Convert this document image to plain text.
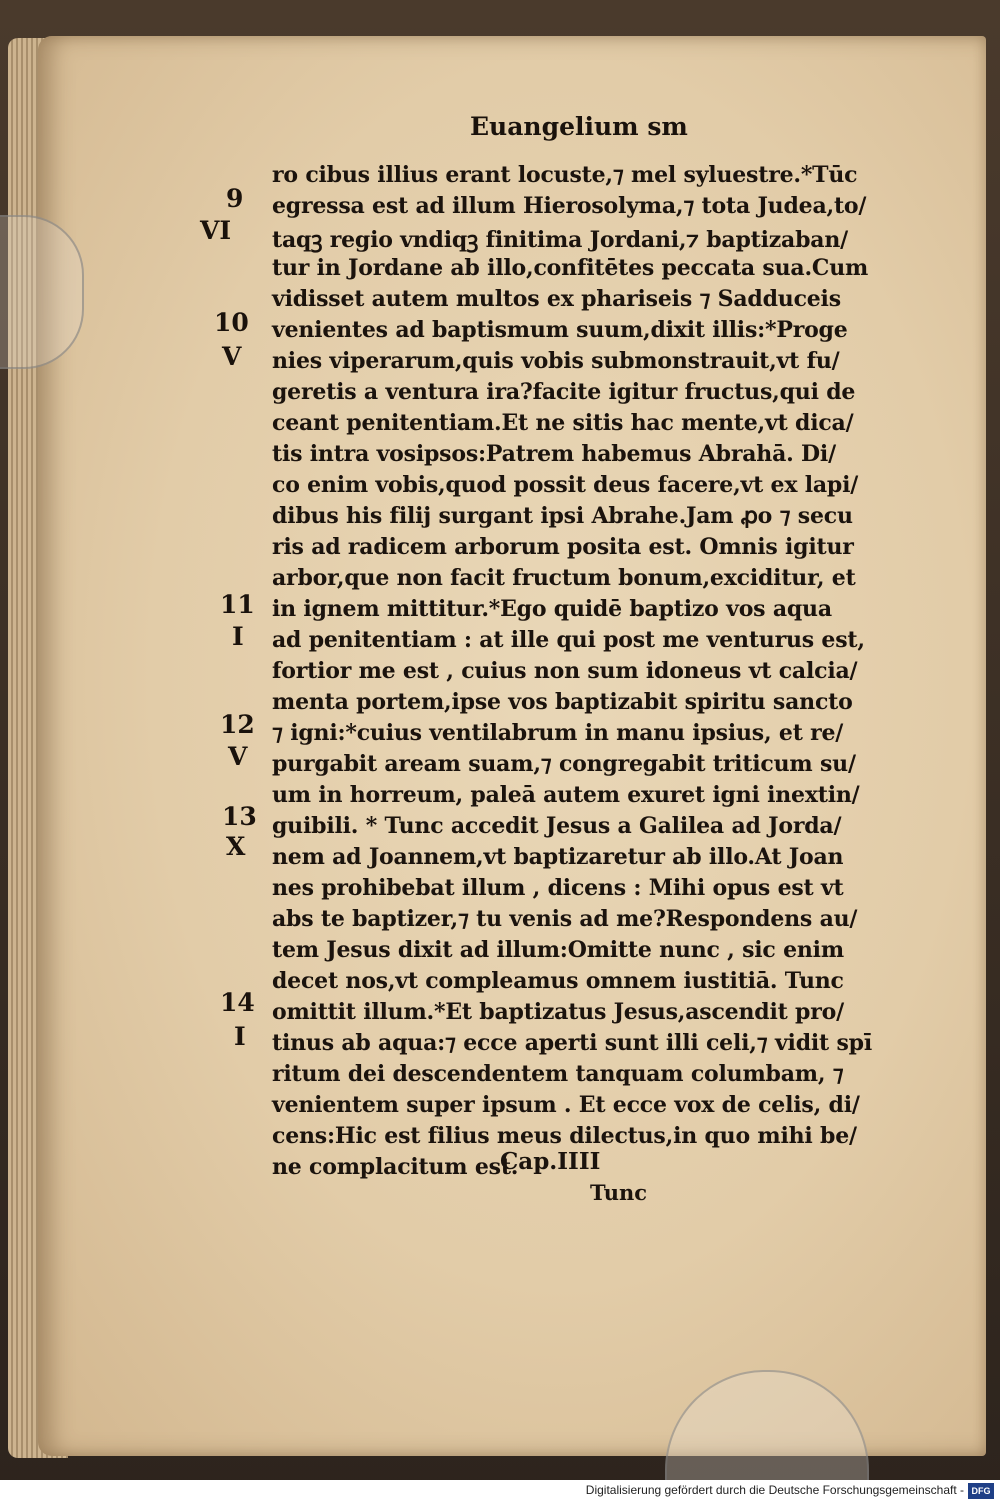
Euangelium sm
9
VI
10
V
11
I
12
V
13
X
14
I
ro cibus illius erant locuste,⁊ mel syluestre.*Tūc
egressa est ad illum Hierosolyma,⁊ tota Judea,to/
taqꝫ regio vndiqꝫ finitima Jordani,⁊ baptizaban/
tur in Jordane ab illo,confitētes peccata sua.Cum
vidisset autem multos ex phariseis ⁊ Sadduceis
venientes ad baptismum suum,dixit illis:*Proge
nies viperarum,quis vobis submonstrauit,vt fu/
geretis a ventura ira?facite igitur fructus,qui de
ceant penitentiam.Et ne sitis hac mente,vt dica/
tis intra vosipsos:Patrem habemus Abrahā. Di/
co enim vobis,quod possit deus facere,vt ex lapi/
dibus his filij surgant ipsi Abrahe.Jam ꝓo ⁊ secu
ris ad radicem arborum posita est. Omnis igitur
arbor,que non facit fructum bonum,exciditur, et
in ignem mittitur.*Ego quidē baptizo vos aqua
ad penitentiam : at ille qui post me venturus est,
fortior me est , cuius non sum idoneus vt calcia/
menta portem,ipse vos baptizabit spiritu sancto
⁊ igni:*cuius ventilabrum in manu ipsius, et re/
purgabit aream suam,⁊ congregabit triticum su/
um in horreum, paleā autem exuret igni inextin/
guibili. * Tunc accedit Jesus a Galilea ad Jorda/
nem ad Joannem,vt baptizaretur ab illo.At Joan
nes prohibebat illum , dicens : Mihi opus est vt
abs te baptizer,⁊ tu venis ad me?Respondens au/
tem Jesus dixit ad illum:Omitte nunc , sic enim
decet nos,vt compleamus omnem iustitiā. Tunc
omittit illum.*Et baptizatus Jesus,ascendit pro/
tinus ab aqua:⁊ ecce aperti sunt illi celi,⁊ vidit spī
ritum dei descendentem tanquam columbam, ⁊
venientem super ipsum . Et ecce vox de celis, di/
cens:Hic est filius meus dilectus,in quo mihi be/
ne complacitum est.
Cap.IIII
Tunc
Digitalisierung gefördert durch die Deutsche Forschungsgemeinschaft - DFG
